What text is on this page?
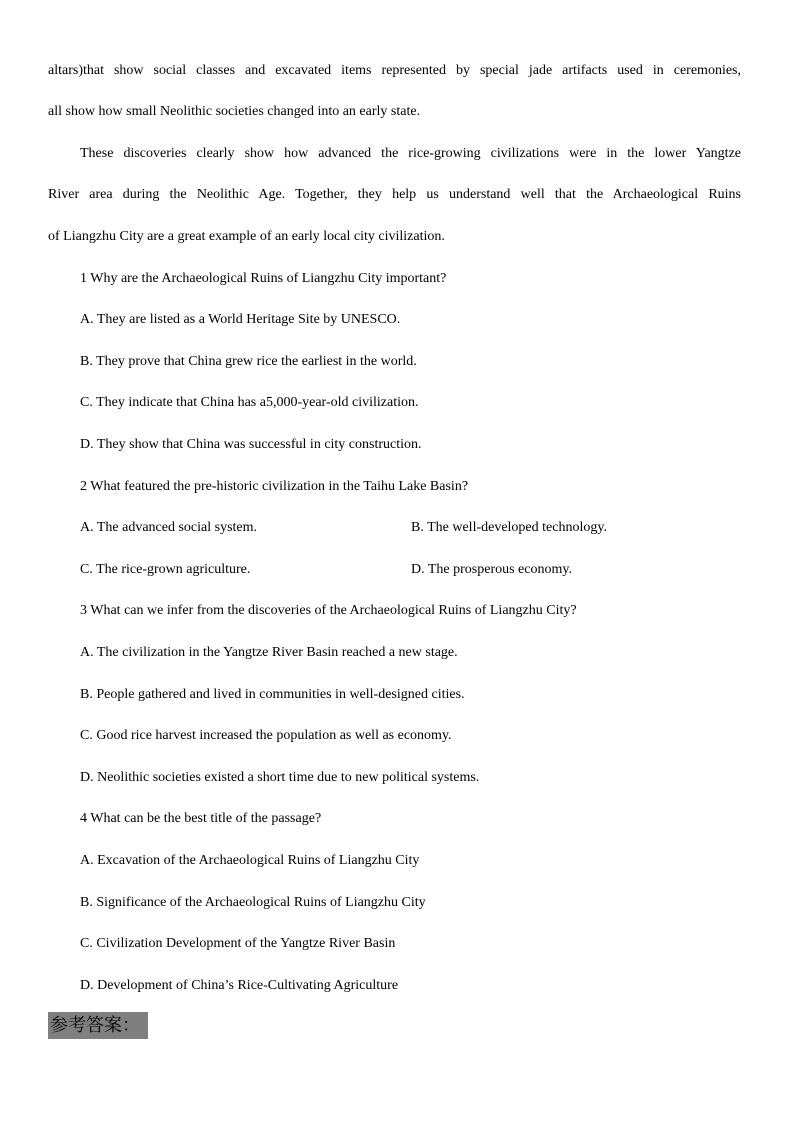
altars)that show social classes and excavated items represented by special jade artifacts used in ceremonies,
all show how small Neolithic societies changed into an early state.
These discoveries clearly show how advanced the rice-growing civilizations were in the lower Yangtze
River area during the Neolithic Age. Together, they help us understand well that the Archaeological Ruins
of Liangzhu City are a great example of an early local city civilization.
1 Why are the Archaeological Ruins of Liangzhu City important?
A. They are listed as a World Heritage Site by UNESCO.
B. They prove that China grew rice the earliest in the world.
C. They indicate that China has a5,000-year-old civilization.
D. They show that China was successful in city construction.
2 What featured the pre-historic civilization in the Taihu Lake Basin?
A. The advanced social system.	B. The well-developed technology.
C. The rice-grown agriculture.	D. The prosperous economy.
3 What can we infer from the discoveries of the Archaeological Ruins of Liangzhu City?
A. The civilization in the Yangtze River Basin reached a new stage.
B. People gathered and lived in communities in well-designed cities.
C. Good rice harvest increased the population as well as economy.
D. Neolithic societies existed a short time due to new political systems.
4 What can be the best title of the passage?
A. Excavation of the Archaeological Ruins of Liangzhu City
B. Significance of the Archaeological Ruins of Liangzhu City
C. Civilization Development of the Yangtze River Basin
D. Development of China’s Rice-Cultivating Agriculture
参考答案：
